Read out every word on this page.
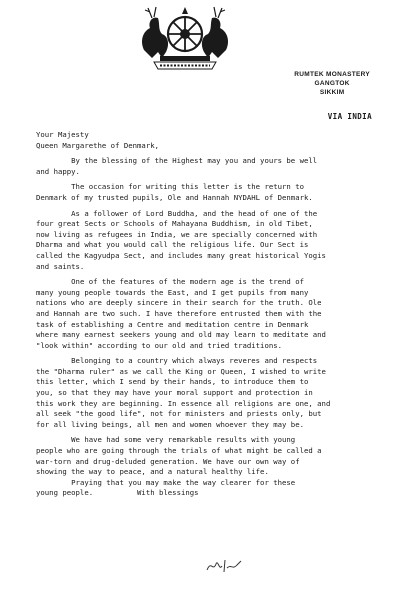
RUMTEK MONASTERY
GANGTOK
SIKKIM
VIA INDIA

Your Majesty

Queen Margarethe of Denmark,

By the blessing of the Highest may you and yours be well
and happy.

The occasion for writing this letter is the return to
Denmark of my trusted pupils, Ole and Hannah NYDAHL of Denmark.

As a follower of Lord Buddha, and the head of one of the
four great Sects or Schools of Mahayana Buddhism, in old Tibet,
now living as refugees in India, we are specially concerned with
Dharma and what you would call the religious life. Our Sect is
called the Kagyudpa Sect, and includes many great historical Yogis
and saints.

One of the features of the modern age is the trend of
many young people towards the East, and I get pupils from many
nations who are deeply sincere in their search for the truth. Ole
and Hannah are two such. I have therefore entrusted them with the
task of establishing a Centre and meditation centre in Denmark
where many earnest seekers young and old may learn to meditate and
"look within" according to our old and tried traditions.

Belonging to a country which always reveres and respects
the "Dharma ruler" as we call the King or Queen, I wished to write
this letter, which I send by their hands, to introduce them to
you, so that they may have your moral support and protection in
this work they are beginning. In essence all religions are one, and
all seek "the good life", not for ministers and priests only, but
for all living beings, all men and women whoever they may be.

We have had some very remarkable results with young
people who are going through the trials of what might be called a
war-torn and drug-deluded generation. We have our own way of
showing the way to peace, and a natural healthy life.

Praying that you may make the way clearer for these
young people.          With blessings
